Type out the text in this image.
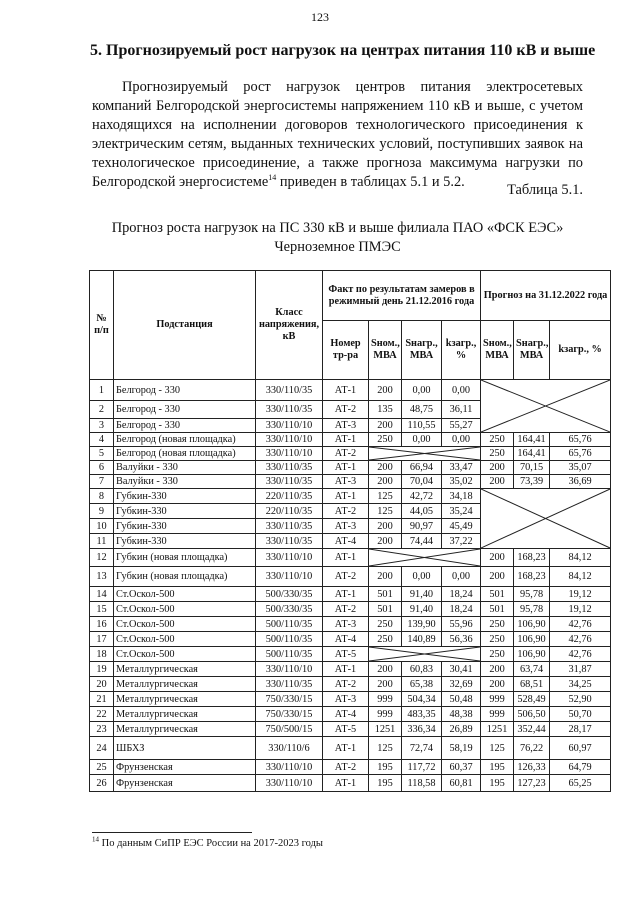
123
5. Прогнозируемый рост нагрузок на центрах питания 110 кВ и выше
Прогнозируемый рост нагрузок центров питания электросетевых
компаний Белгородской энергосистемы напряжением 110 кВ и выше, с учетом
находящихся на исполнении договоров технологического присоединения к
электрическим сетям, выданных технических условий, поступивших заявок на
технологическое присоединение, а также прогноза максимума нагрузки по
Белгородской энергосистеме$^{14}$ приведен в таблицах 5.1 и 5.2.	Таблица 5.1.
Прогноз роста нагрузок на ПС 330 кВ и выше филиала ПАО «ФСК ЕЭС» Черноземное ПМЭС
№ п/п	Подстанция	Класс напряжения, кВ	Факт по результатам замеров в режимный день 21.12.2016 года				Прогноз на 31.12.2022 года		
			Номер тр-ра	Sном., МВА	Sнагр., МВА	kзагр., %	Sном., МВА	Sнагр., МВА	kзагр., %
1	Белгород - 330	330/110/35	АТ-1	200	0,00	0,00	

2	Белгород - 330	330/110/35	АТ-2	135	48,75	36,11			
3	Белгород - 330	330/110/10	АТ-3	200	110,55	55,27			
4	Белгород (новая площадка)	330/110/10	АТ-1	250	0,00	0,00	250	164,41	65,76
5	Белгород (новая площадка)	330/110/10	АТ-2				250	164,41	65,76
6	Валуйки - 330	330/110/35	АТ-1	200	66,94	33,47	200	70,15	35,07
7	Валуйки - 330	330/110/35	АТ-3	200	70,04	35,02	200	73,39	36,69
8	Губкин-330	220/110/35	АТ-1	125	42,72	34,18	

9	Губкин-330	220/110/35	АТ-2	125	44,05	35,24			
10	Губкин-330	330/110/35	АТ-3	200	90,97	45,49			
11	Губкин-330	330/110/35	АТ-4	200	74,44	37,22			
12	Губкин (новая площадка)	330/110/10	АТ-1				200	168,23	84,12
13	Губкин (новая площадка)	330/110/10	АТ-2	200	0,00	0,00	200	168,23	84,12
14	Ст.Оскол-500	500/330/35	АТ-1	501	91,40	18,24	501	95,78	19,12
15	Ст.Оскол-500	500/330/35	АТ-2	501	91,40	18,24	501	95,78	19,12
16	Ст.Оскол-500	500/110/35	АТ-3	250	139,90	55,96	250	106,90	42,76
17	Ст.Оскол-500	500/110/35	АТ-4	250	140,89	56,36	250	106,90	42,76
18	Ст.Оскол-500	500/110/35	АТ-5				250	106,90	42,76
19	Металлургическая	330/110/10	АТ-1	200	60,83	30,41	200	63,74	31,87
20	Металлургическая	330/110/35	АТ-2	200	65,38	32,69	200	68,51	34,25
21	Металлургическая	750/330/15	АТ-3	999	504,34	50,48	999	528,49	52,90
22	Металлургическая	750/330/15	АТ-4	999	483,35	48,38	999	506,50	50,70
23	Металлургическая	750/500/15	АТ-5	1251	336,34	26,89	1251	352,44	28,17
24	ШБХЗ	330/110/6	АТ-1	125	72,74	58,19	125	76,22	60,97
25	Фрунзенская	330/110/10	АТ-2	195	117,72	60,37	195	126,33	64,79
26	Фрунзенская	330/110/10	АТ-1	195	118,58	60,81	195	127,23	65,25
$^{14}$ По данным СиПР ЕЭС России на 2017-2023 годы
